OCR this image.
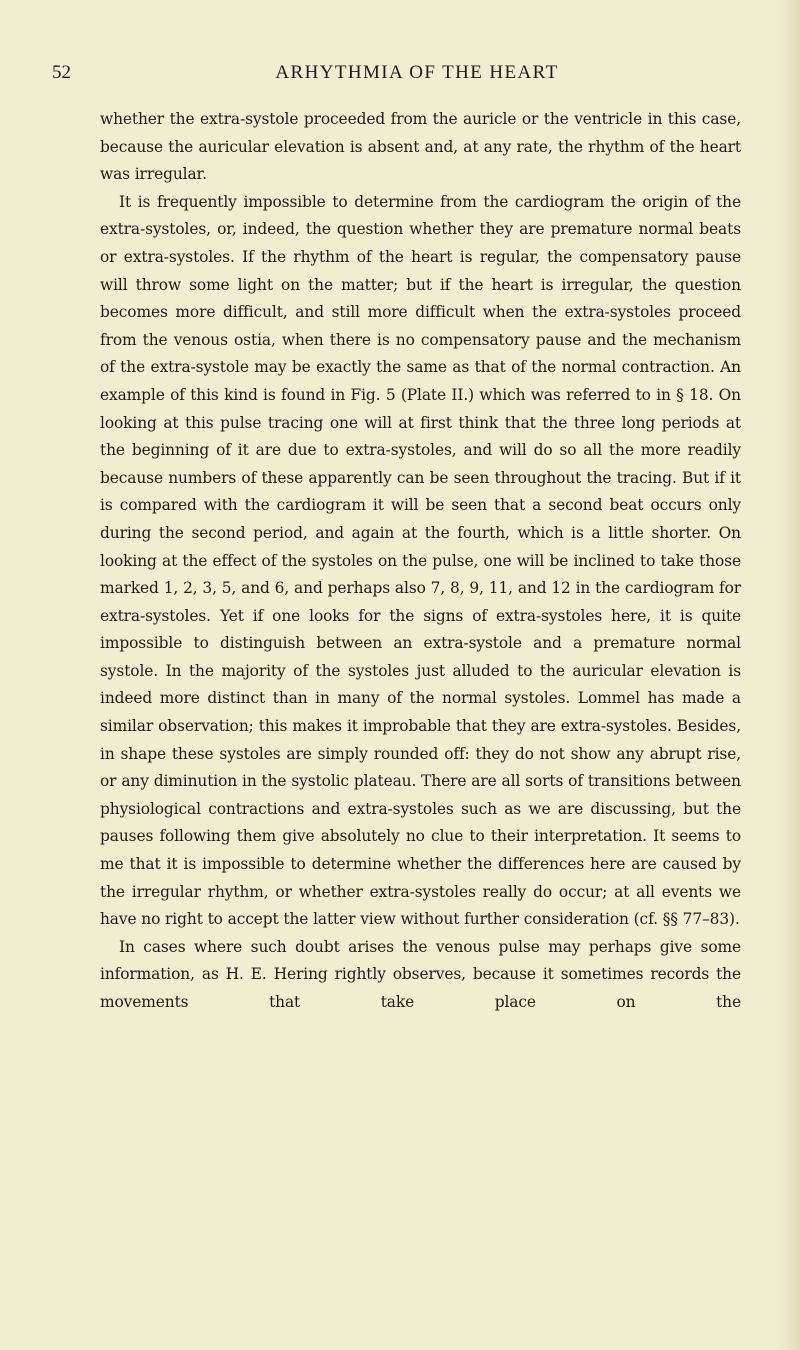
52	ARHYTHMIA OF THE HEART

whether the extra-systole proceeded from the auricle or the ventricle in this case, because the auricular elevation is absent and, at any rate, the rhythm of the heart was irregular.

It is frequently impossible to determine from the cardiogram the origin of the extra-systoles, or, indeed, the question whether they are premature normal beats or extra-systoles. If the rhythm of the heart is regular, the compensatory pause will throw some light on the matter; but if the heart is irregular, the question becomes more difficult, and still more difficult when the extra-systoles proceed from the venous ostia, when there is no compensatory pause and the mechanism of the extra-systole may be exactly the same as that of the normal contraction. An example of this kind is found in Fig. 5 (Plate II.) which was referred to in § 18. On looking at this pulse tracing one will at first think that the three long periods at the beginning of it are due to extra-systoles, and will do so all the more readily because numbers of these apparently can be seen throughout the tracing. But if it is compared with the cardiogram it will be seen that a second beat occurs only during the second period, and again at the fourth, which is a little shorter. On looking at the effect of the systoles on the pulse, one will be inclined to take those marked 1, 2, 3, 5, and 6, and perhaps also 7, 8, 9, 11, and 12 in the cardiogram for extra-systoles. Yet if one looks for the signs of extra-systoles here, it is quite impossible to distinguish between an extra-systole and a premature normal systole. In the majority of the systoles just alluded to the auricular elevation is indeed more distinct than in many of the normal systoles. Lommel has made a similar observation; this makes it improbable that they are extra-systoles. Besides, in shape these systoles are simply rounded off: they do not show any abrupt rise, or any diminution in the systolic plateau. There are all sorts of transitions between physiological contractions and extra-systoles such as we are discussing, but the pauses following them give absolutely no clue to their interpretation. It seems to me that it is impossible to determine whether the differences here are caused by the irregular rhythm, or whether extra-systoles really do occur; at all events we have no right to accept the latter view without further consideration (cf. §§ 77–83).

In cases where such doubt arises the venous pulse may perhaps give some information, as H. E. Hering rightly observes, because it sometimes records the movements that take place on the
